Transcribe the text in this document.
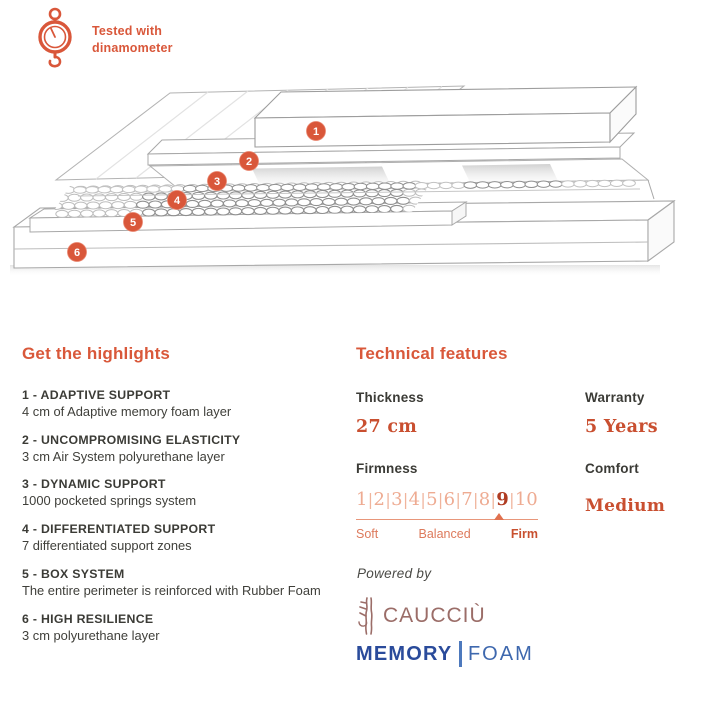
Tested with
dinamometer
1
2
3
4
5
6
Get the highlights
1 - ADAPTIVE SUPPORT
4 cm of Adaptive memory foam layer
2 - UNCOMPROMISING ELASTICITY
3 cm Air System polyurethane layer
3 - DYNAMIC SUPPORT
1000 pocketed springs system
4 - DIFFERENTIATED SUPPORT
7 differentiated support zones
5 - BOX SYSTEM
The entire perimeter is reinforced with Rubber Foam
6 - HIGH RESILIENCE
3 cm polyurethane layer
Technical features
Thickness
27 cm
Warranty
5 Years
Firmness
1 | 2 | 3 | 4 | 5 | 6 | 7 | 8 | 9 | 10
Soft	Balanced	Firm
Comfort
Medium
Powered by
CAUCCIÙ
MEMORY FOAM
